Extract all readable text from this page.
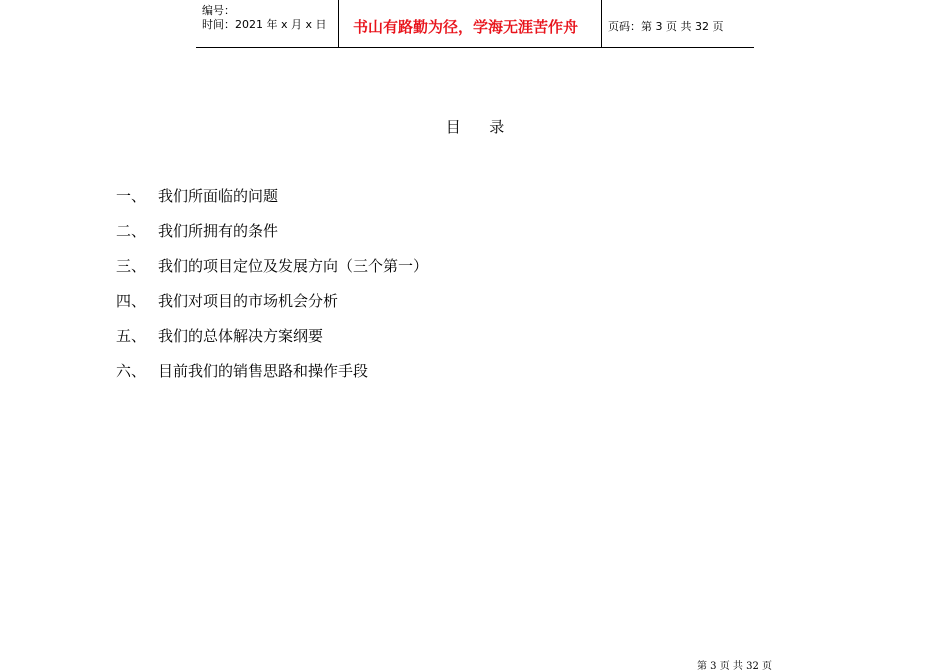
编号：
时间：2021 年 x 月 x 日 书山有路勤为径，学海无涯苦作舟	页码：第 3 页 共 32 页
目      录
一、 我们所面临的问题
二、 我们所拥有的条件
三、 我们的项目定位及发展方向（三个第一）
四、 我们对项目的市场机会分析
五、 我们的总体解决方案纲要
六、 目前我们的销售思路和操作手段
第 3 页 共 32 页
